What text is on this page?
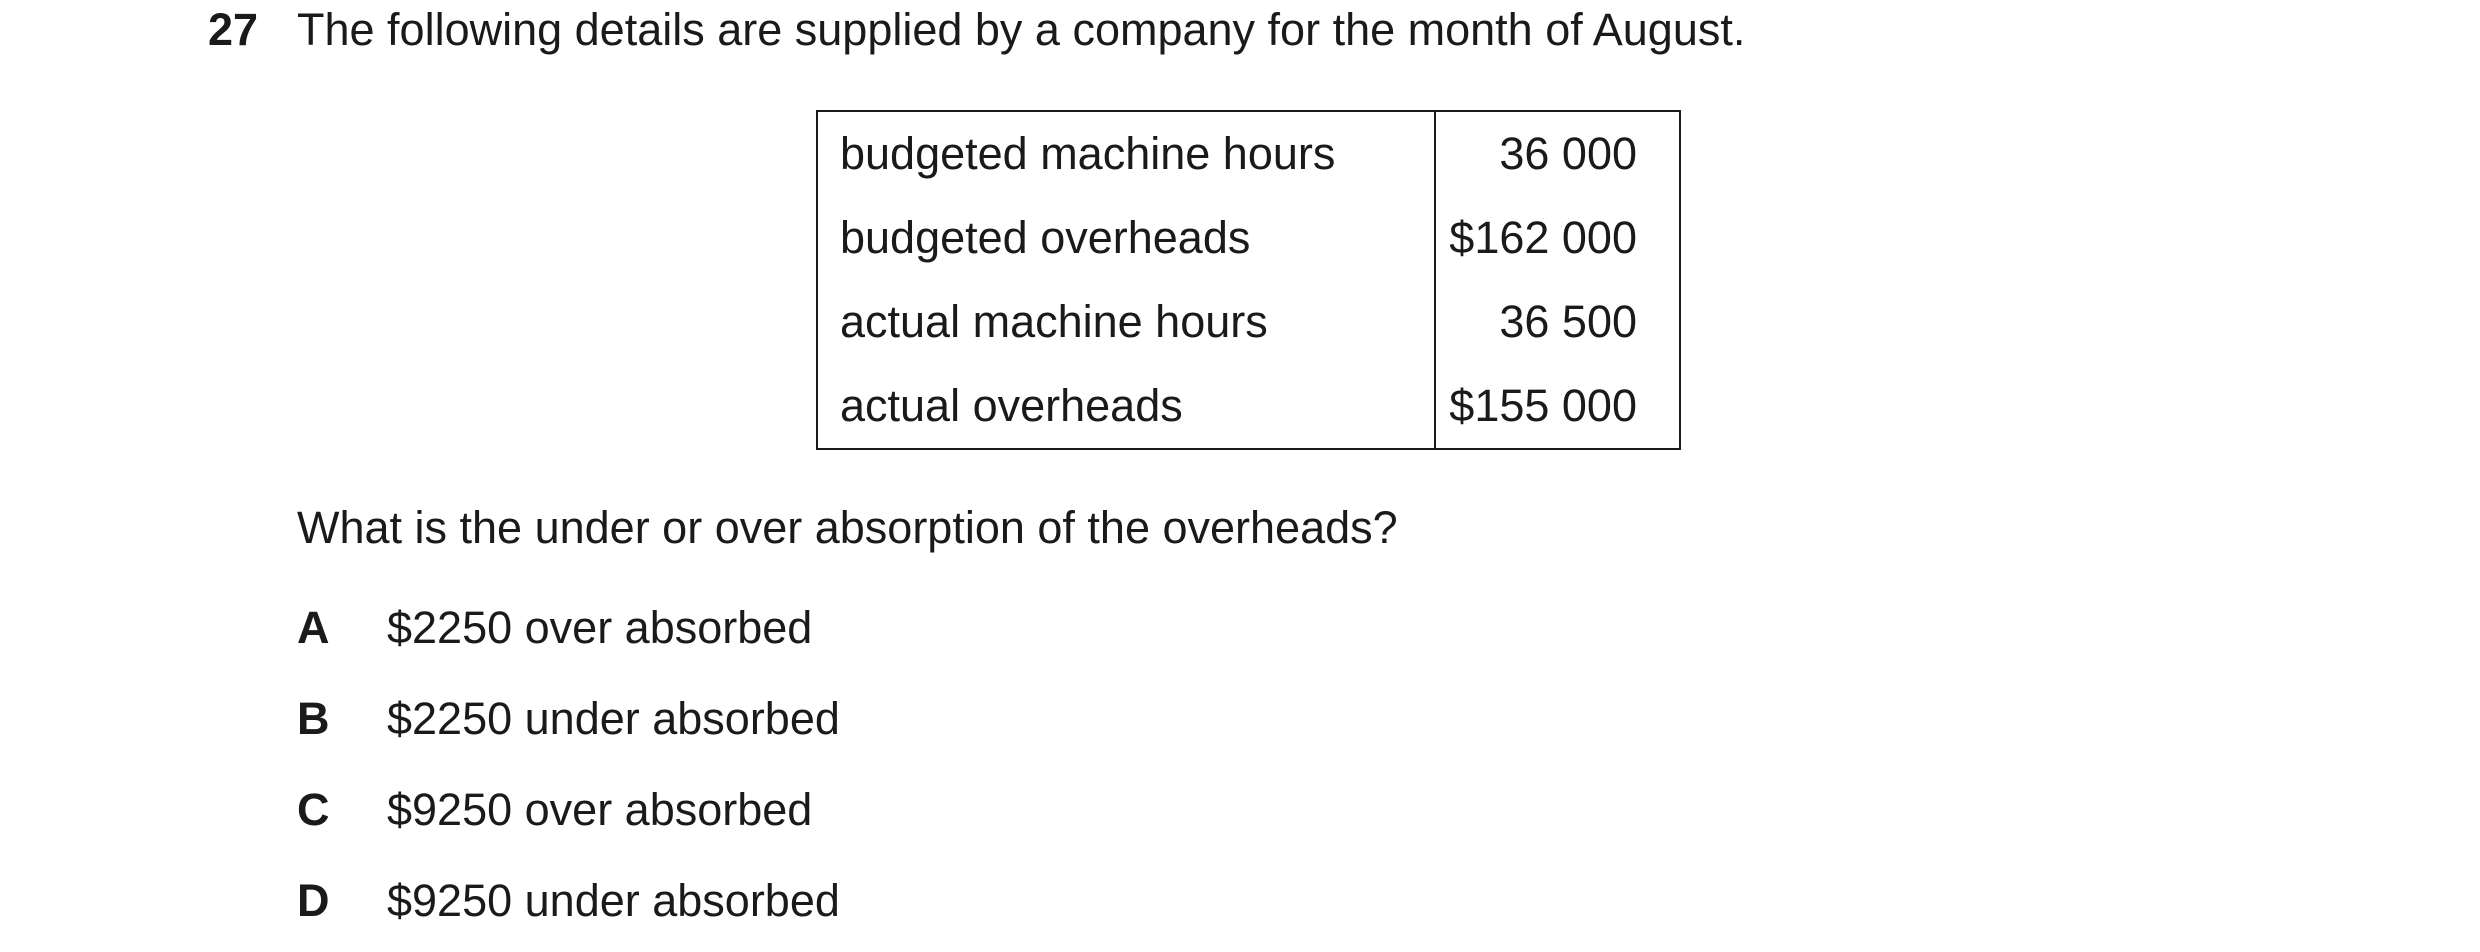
27 The following details are supplied by a company for the month of August.
budgeted machine hours	36 000
budgeted overheads	$162 000
actual machine hours	36 500
actual overheads	$155 000
What is the under or over absorption of the overheads?
A $2250 over absorbed
B $2250 under absorbed
C $9250 over absorbed
D $9250 under absorbed
